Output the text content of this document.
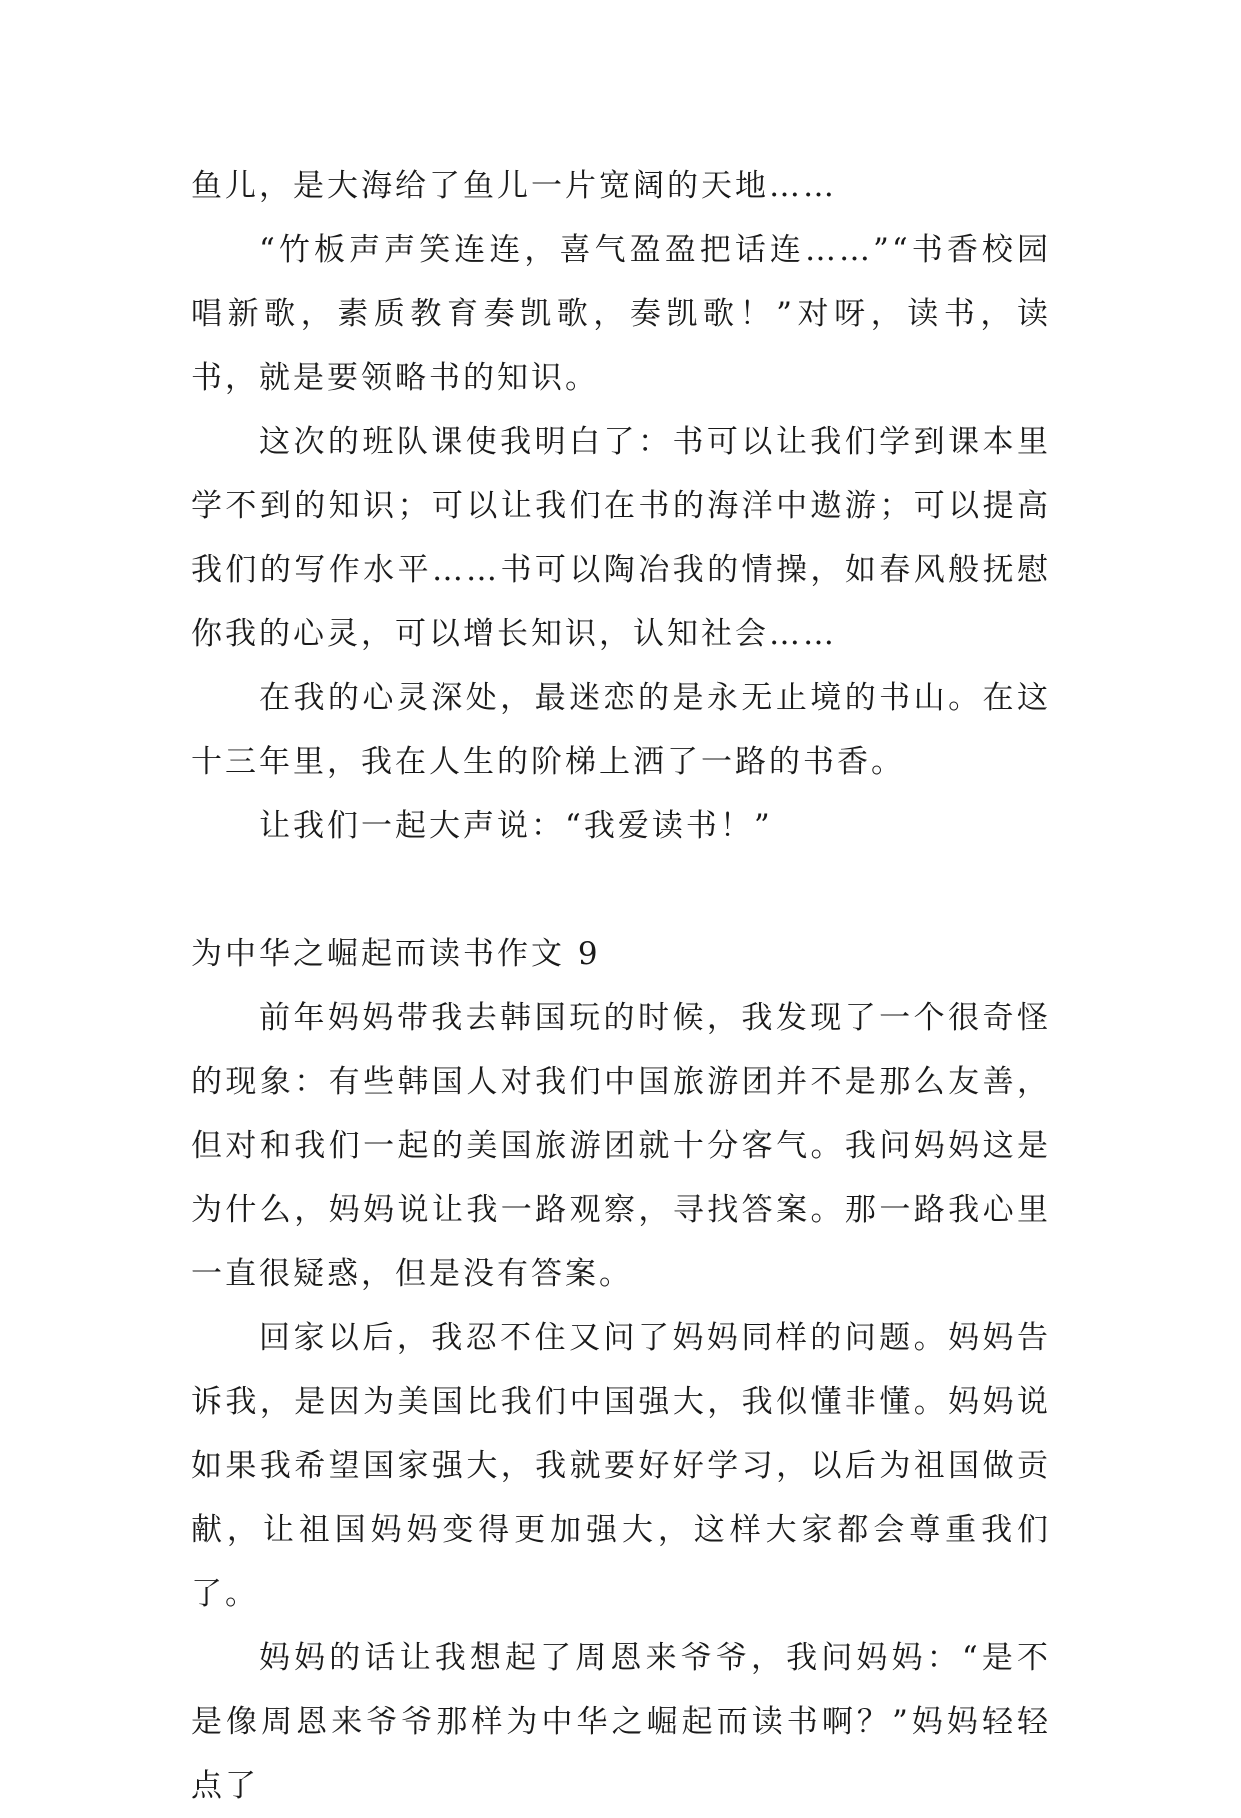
鱼儿，是大海给了鱼儿一片宽阔的天地……

“竹板声声笑连连，喜气盈盈把话连……”“书香校园唱新歌，素质教育奏凯歌，奏凯歌！”对呀，读书，读书，就是要领略书的知识。

这次的班队课使我明白了：书可以让我们学到课本里学不到的知识；可以让我们在书的海洋中遨游；可以提高我们的写作水平……书可以陶冶我的情操，如春风般抚慰你我的心灵，可以增长知识，认知社会……

在我的心灵深处，最迷恋的是永无止境的书山。在这十三年里，我在人生的阶梯上洒了一路的书香。

让我们一起大声说：“我爱读书！”

为中华之崛起而读书作文 9

前年妈妈带我去韩国玩的时候，我发现了一个很奇怪的现象：有些韩国人对我们中国旅游团并不是那么友善，但对和我们一起的美国旅游团就十分客气。我问妈妈这是为什么，妈妈说让我一路观察，寻找答案。那一路我心里一直很疑惑，但是没有答案。

回家以后，我忍不住又问了妈妈同样的问题。妈妈告诉我，是因为美国比我们中国强大，我似懂非懂。妈妈说如果我希望国家强大，我就要好好学习，以后为祖国做贡献，让祖国妈妈变得更加强大，这样大家都会尊重我们了。

妈妈的话让我想起了周恩来爷爷，我问妈妈：“是不是像周恩来爷爷那样为中华之崛起而读书啊？”妈妈轻轻点了
